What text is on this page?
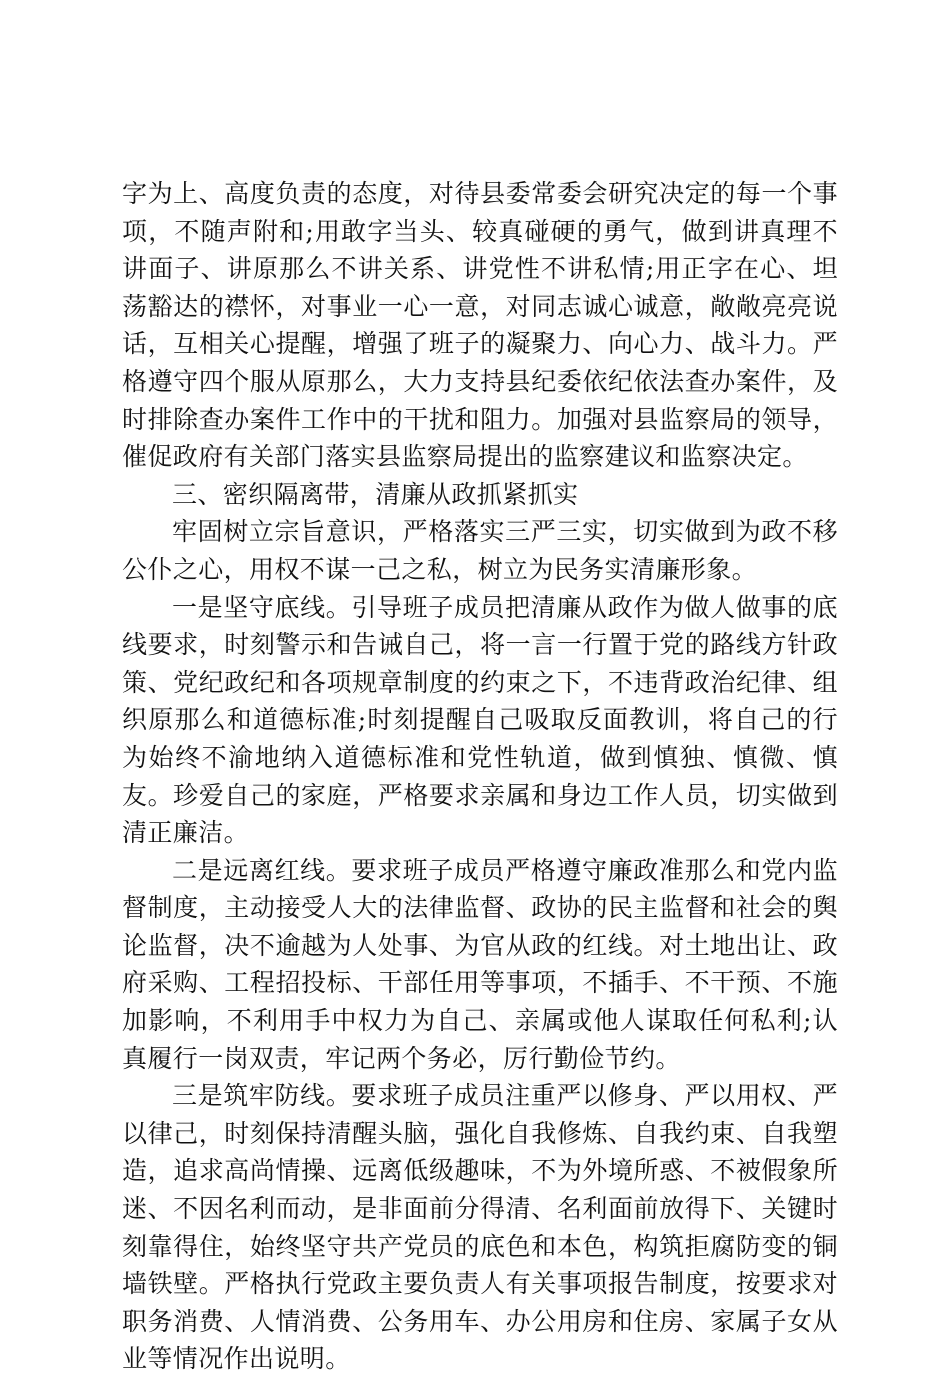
字为上、高度负责的态度，对待县委常委会研究决定的每一个事项，不随声附和;用敢字当头、较真碰硬的勇气，做到讲真理不讲面子、讲原那么不讲关系、讲党性不讲私情;用正字在心、坦荡豁达的襟怀，对事业一心一意，对同志诚心诚意，敞敞亮亮说话，互相关心提醒，增强了班子的凝聚力、向心力、战斗力。严格遵守四个服从原那么，大力支持县纪委依纪依法查办案件，及时排除查办案件工作中的干扰和阻力。加强对县监察局的领导，催促政府有关部门落实县监察局提出的监察建议和监察决定。

三、密织隔离带，清廉从政抓紧抓实

牢固树立宗旨意识，严格落实三严三实，切实做到为政不移公仆之心，用权不谋一己之私，树立为民务实清廉形象。

一是坚守底线。引导班子成员把清廉从政作为做人做事的底线要求，时刻警示和告诫自己，将一言一行置于党的路线方针政策、党纪政纪和各项规章制度的约束之下，不违背政治纪律、组织原那么和道德标准;时刻提醒自己吸取反面教训，将自己的行为始终不渝地纳入道德标准和党性轨道，做到慎独、慎微、慎友。珍爱自己的家庭，严格要求亲属和身边工作人员，切实做到清正廉洁。

二是远离红线。要求班子成员严格遵守廉政准那么和党内监督制度，主动接受人大的法律监督、政协的民主监督和社会的舆论监督，决不逾越为人处事、为官从政的红线。对土地出让、政府采购、工程招投标、干部任用等事项，不插手、不干预、不施加影响，不利用手中权力为自己、亲属或他人谋取任何私利;认真履行一岗双责，牢记两个务必，厉行勤俭节约。

三是筑牢防线。要求班子成员注重严以修身、严以用权、严以律己，时刻保持清醒头脑，强化自我修炼、自我约束、自我塑造，追求高尚情操、远离低级趣味，不为外境所惑、不被假象所迷、不因名利而动，是非面前分得清、名利面前放得下、关键时刻靠得住，始终坚守共产党员的底色和本色，构筑拒腐防变的铜墙铁壁。严格执行党政主要负责人有关事项报告制度，按要求对职务消费、人情消费、公务用车、办公用房和住房、家属子女从业等情况作出说明。
